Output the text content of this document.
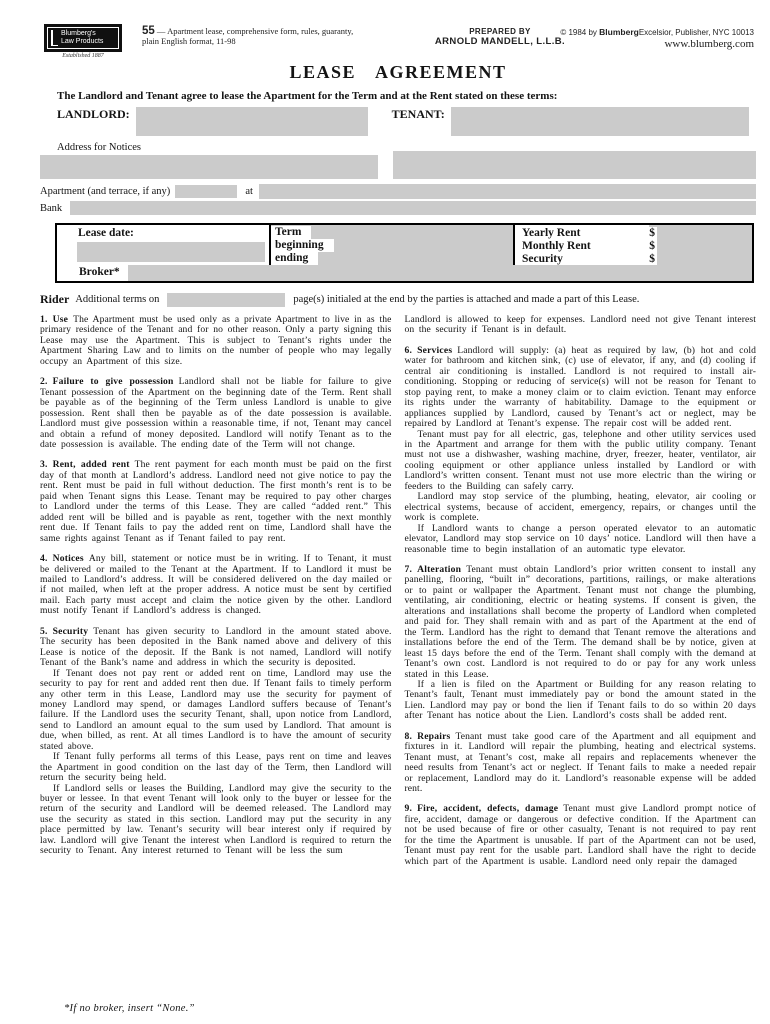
Blumberg's
Law Products
Established 1887
55 — Apartment lease, comprehensive form, rules, guaranty, plain English format, 11-98
PREPARED BY
ARNOLD MANDELL, L.L.B.
© 1984 by BlumbergExcelsior, Publisher, NYC 10013
www.blumberg.com
LEASE AGREEMENT
The Landlord and Tenant agree to lease the Apartment for the Term and at the Rent stated on these terms:
LANDLORD:	TENANT:
Address for Notices
Apartment (and terrace, if any)	at
Bank
Lease date:	Term
beginning
ending
Yearly Rent	$
Monthly Rent	$
Security	$
Broker*
Rider Additional terms on	page(s) initialed at the end by the parties is attached and made a part of this Lease.

1. Use The Apartment must be used only as a private Apartment to live in as the primary residence of the Tenant and for no other reason. Only a party signing this Lease may use the Apartment. This is subject to Tenant’s rights under the Apartment Sharing Law and to limits on the number of people who may legally occupy an Apartment of this size.

2. Failure to give possession Landlord shall not be liable for failure to give Tenant possession of the Apartment on the beginning date of the Term. Rent shall be payable as of the beginning of the Term unless Landlord is unable to give possession. Rent shall then be payable as of the date possession is available. Landlord must give possession within a reasonable time, if not, Tenant may cancel and obtain a refund of money deposited. Landlord will notify Tenant as to the date possession is available. The ending date of the Term will not change.

3. Rent, added rent The rent payment for each month must be paid on the first day of that month at Landlord’s address. Landlord need not give notice to pay the rent. Rent must be paid in full without deduction. The first month’s rent is to be paid when Tenant signs this Lease. Tenant may be required to pay other charges to Landlord under the terms of this Lease. They are called “added rent.” This added rent will be billed and is payable as rent, together with the next monthly rent due. If Tenant fails to pay the added rent on time, Landlord shall have the same rights against Tenant as if Tenant failed to pay rent.

4. Notices Any bill, statement or notice must be in writing. If to Tenant, it must be delivered or mailed to the Tenant at the Apartment. If to Landlord it must be mailed to Landlord’s address. It will be considered delivered on the day mailed or if not mailed, when left at the proper address. A notice must be sent by certified mail. Each party must accept and claim the notice given by the other. Landlord must notify Tenant if Landlord’s address is changed.

5. Security Tenant has given security to Landlord in the amount stated above. The security has been deposited in the Bank named above and delivery of this Lease is notice of the deposit. If the Bank is not named, Landlord will notify Tenant of the Bank’s name and address in which the security is deposited.

If Tenant does not pay rent or added rent on time, Landlord may use the security to pay for rent and added rent then due. If Tenant fails to timely perform any other term in this Lease, Landlord may use the security for payment of money Landlord may spend, or damages Landlord suffers because of Tenant’s failure. If the Landlord uses the security Tenant, shall, upon notice from Landlord, send to Landlord an amount equal to the sum used by Landlord. That amount is due, when billed, as rent. At all times Landlord is to have the amount of security stated above.

If Tenant fully performs all terms of this Lease, pays rent on time and leaves the Apartment in good condition on the last day of the Term, then Landlord will return the security being held.

If Landlord sells or leases the Building, Landlord may give the security to the buyer or lessee. In that event Tenant will look only to the buyer or lessee for the return of the security and Landlord will be deemed released. The Landlord may use the security as stated in this section. Landlord may put the security in any place permitted by law. Tenant’s security will bear interest only if required by law. Landlord will give Tenant the interest when Landlord is required to return the security to Tenant. Any interest returned to Tenant will be less the sum

Landlord is allowed to keep for expenses. Landlord need not give Tenant interest on the security if Tenant is in default.

6. Services Landlord will supply: (a) heat as required by law, (b) hot and cold water for bathroom and kitchen sink, (c) use of elevator, if any, and (d) cooling if central air conditioning is installed. Landlord is not required to install air-conditioning. Stopping or reducing of service(s) will not be reason for Tenant to stop paying rent, to make a money claim or to claim eviction. Tenant may enforce its rights under the warranty of habitability. Damage to the equipment or appliances supplied by Landlord, caused by Tenant’s act or neglect, may be repaired by Landlord at Tenant’s expense. The repair cost will be added rent.

Tenant must pay for all electric, gas, telephone and other utility services used in the Apartment and arrange for them with the public utility company. Tenant must not use a dishwasher, washing machine, dryer, freezer, heater, ventilator, air cooling equipment or other appliance unless installed by Landlord or with Landlord’s written consent. Tenant must not use more electric than the wiring or feeders to the Building can safely carry.

Landlord may stop service of the plumbing, heating, elevator, air cooling or electrical systems, because of accident, emergency, repairs, or changes until the work is complete.

If Landlord wants to change a person operated elevator to an automatic elevator, Landlord may stop service on 10 days’ notice. Landlord will then have a reasonable time to begin installation of an automatic type elevator.

7. Alteration Tenant must obtain Landlord’s prior written consent to install any panelling, flooring, “built in” decorations, partitions, railings, or make alterations or to paint or wallpaper the Apartment. Tenant must not change the plumbing, ventilating, air conditioning, electric or heating systems. If consent is given, the alterations and installations shall become the property of Landlord when completed and paid for. They shall remain with and as part of the Apartment at the end of the Term. Landlord has the right to demand that Tenant remove the alterations and installations before the end of the Term. The demand shall be by notice, given at least 15 days before the end of the Term. Tenant shall comply with the demand at Tenant’s own cost. Landlord is not required to do or pay for any work unless stated in this Lease.

If a lien is filed on the Apartment or Building for any reason relating to Tenant’s fault, Tenant must immediately pay or bond the amount stated in the Lien. Landlord may pay or bond the lien if Tenant fails to do so within 20 days after Tenant has notice about the Lien. Landlord’s costs shall be added rent.

8. Repairs Tenant must take good care of the Apartment and all equipment and fixtures in it. Landlord will repair the plumbing, heating and electrical systems. Tenant must, at Tenant’s cost, make all repairs and replacements whenever the need results from Tenant’s act or neglect. If Tenant fails to make a needed repair or replacement, Landlord may do it. Landlord’s reasonable expense will be added rent.

9. Fire, accident, defects, damage Tenant must give Landlord prompt notice of fire, accident, damage or dangerous or defective condition. If the Apartment can not be used because of fire or other casualty, Tenant is not required to pay rent for the time the Apartment is unusable. If part of the Apartment can not be used, Tenant must pay rent for the usable part. Landlord shall have the right to decide which part of the Apartment is usable. Landlord need only repair the damaged

*If no broker, insert “None.”
